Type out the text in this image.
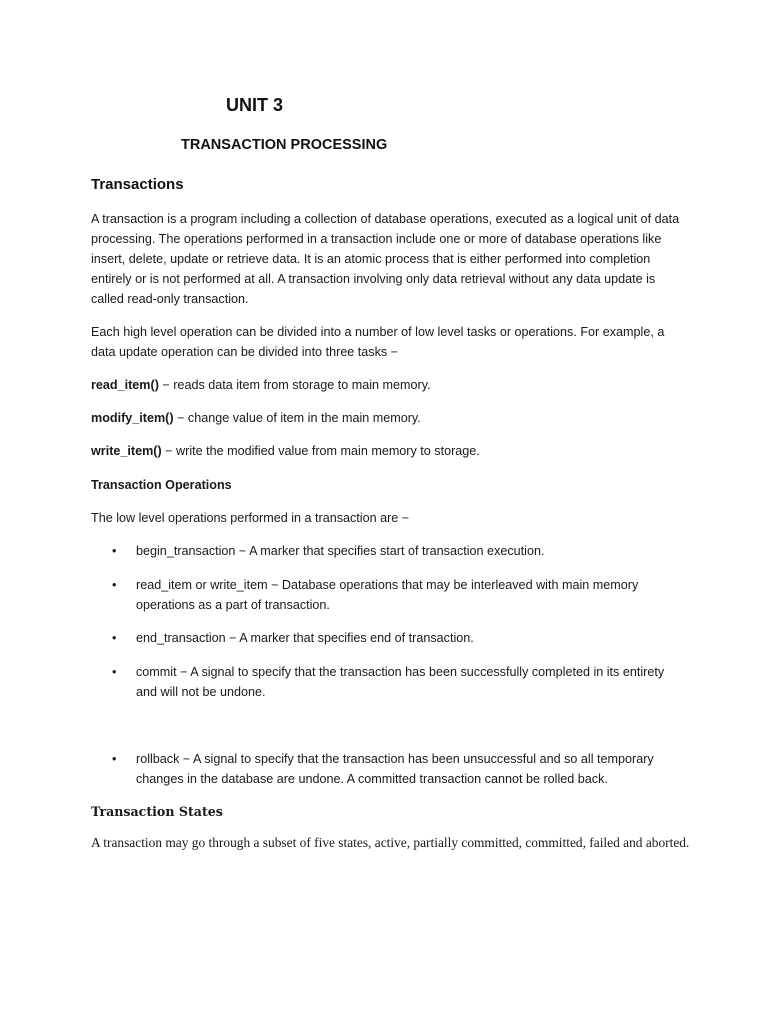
UNIT 3
TRANSACTION PROCESSING
Transactions

A transaction is a program including a collection of database operations, executed as a logical unit of data processing. The operations performed in a transaction include one or more of database operations like insert, delete, update or retrieve data. It is an atomic process that is either performed into completion entirely or is not performed at all. A transaction involving only data retrieval without any data update is called read-only transaction.

Each high level operation can be divided into a number of low level tasks or operations. For example, a data update operation can be divided into three tasks −

read_item() − reads data item from storage to main memory.

modify_item() − change value of item in the main memory.

write_item() − write the modified value from main memory to storage.

Transaction Operations

The low level operations performed in a transaction are −

•	begin_transaction − A marker that specifies start of transaction execution.
•	read_item or write_item − Database operations that may be interleaved with main memory operations as a part of transaction.
•	end_transaction − A marker that specifies end of transaction.
•	commit − A signal to specify that the transaction has been successfully completed in its entirety and will not be undone.
•	rollback − A signal to specify that the transaction has been unsuccessful and so all temporary changes in the database are undone. A committed transaction cannot be rolled back.
Transaction States

A transaction may go through a subset of five states, active, partially committed, committed, failed and aborted.
